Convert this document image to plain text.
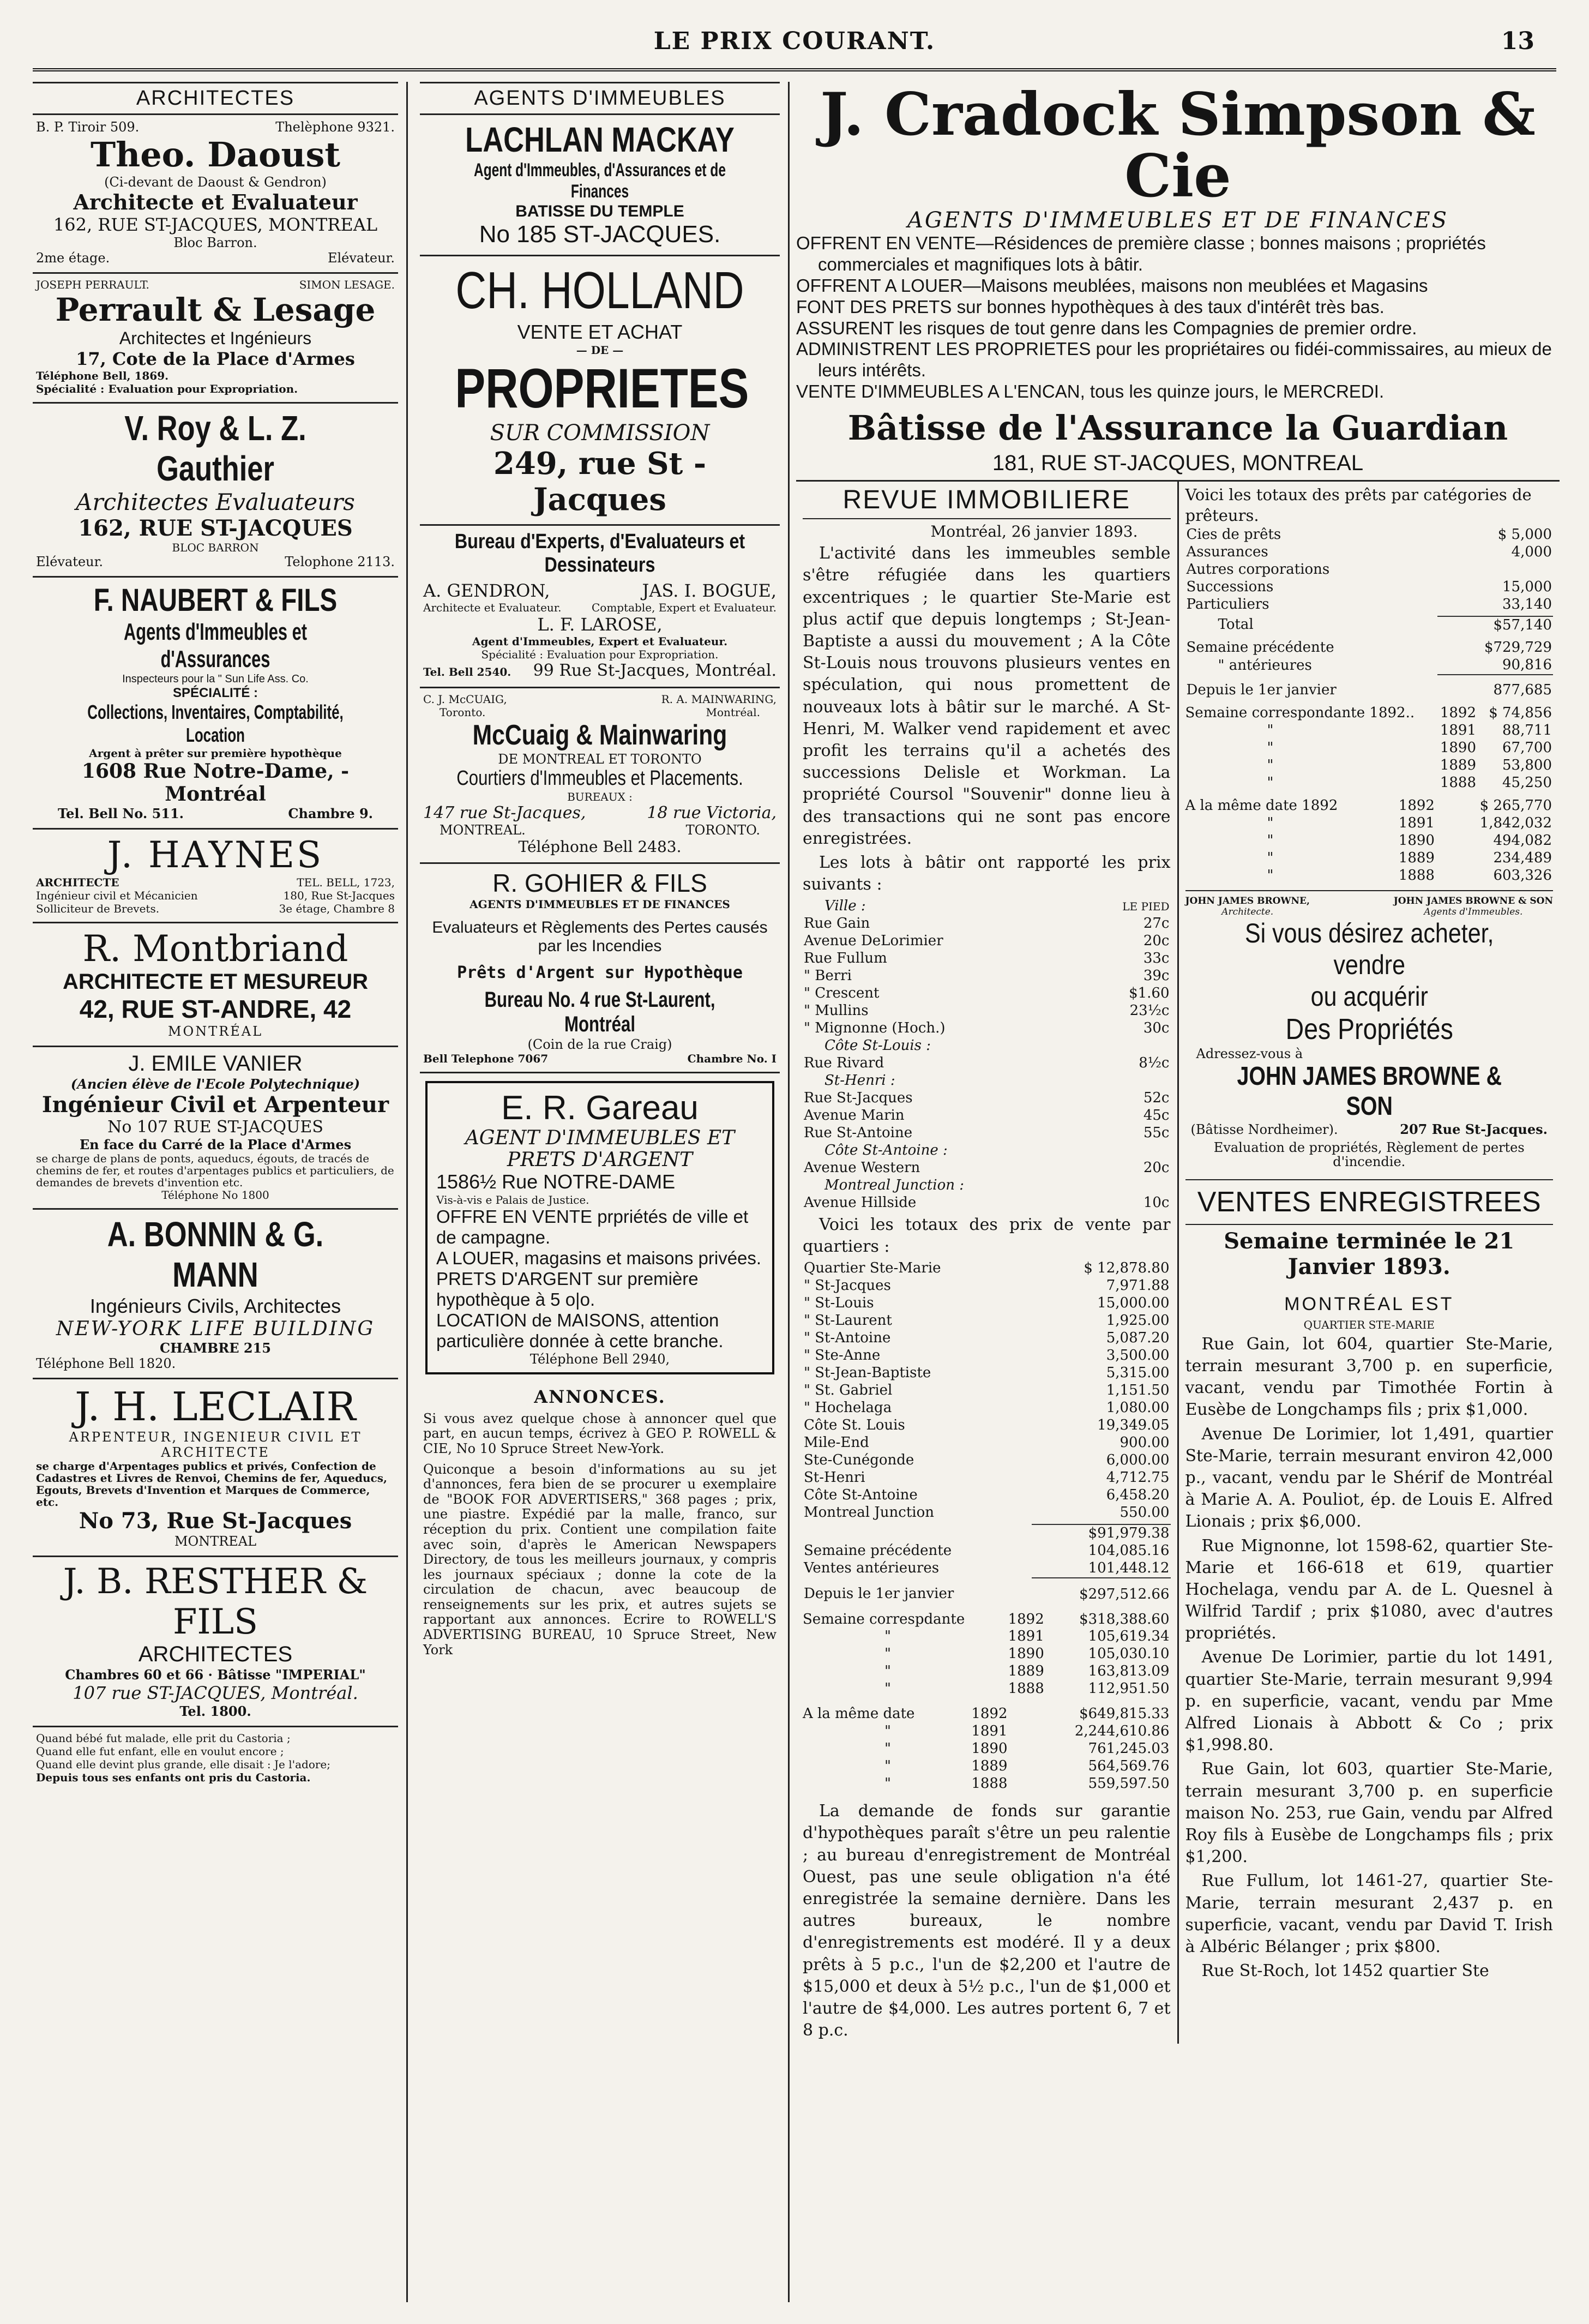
LE PRIX COURANT.	13
ARCHITECTES
B. P. Tiroir 509.	Thelèphone 9321.
Theo. Daoust
(Ci-devant de Daoust & Gendron)
Architecte et Evaluateur
162, RUE ST-JACQUES, MONTREAL
Bloc Barron.
2me étage.	Elévateur.
JOSEPH PERRAULT.	SIMON LESAGE.
Perrault & Lesage
Architectes et Ingénieurs
17, Cote de la Place d'Armes
Téléphone Bell, 1869.
Spécialité : Evaluation pour Expropriation.
V. Roy & L. Z. Gauthier
Architectes Evaluateurs
162, RUE ST-JACQUES
BLOC BARRON
Elévateur.	Telophone 2113.
F. NAUBERT & FILS
Agents d'Immeubles et d'Assurances
Inspecteurs pour la " Sun Life Ass. Co.
SPÉCIALITÉ :
Collections, Inventaires, Comptabilité, Location
Argent à prêter sur première hypothèque
1608 Rue Notre-Dame, - Montréal
Tel. Bell No. 511.	Chambre 9.
J. HAYNES
ARCHITECTE	TEL. BELL, 1723,
Ingénieur civil et Mécanicien	180, Rue St-Jacques
Solliciteur de Brevets.	3e étage, Chambre 8
R. Montbriand
ARCHITECTE ET MESUREUR
42, RUE ST-ANDRE, 42
MONTRÉAL
J. EMILE VANIER
(Ancien élève de l'Ecole Polytechnique)
Ingénieur Civil et Arpenteur
No 107 RUE ST-JACQUES
En face du Carré de la Place d'Armes
se charge de plans de ponts, aqueducs, égouts, de tracés de chemins de fer, et routes d'arpentages publics et particuliers, de demandes de brevets d'invention etc.
Téléphone No 1800
A. BONNIN & G. MANN
Ingénieurs Civils, Architectes
NEW-YORK LIFE BUILDING
CHAMBRE 215
Téléphone Bell 1820.
J. H. LECLAIR
ARPENTEUR, INGENIEUR CIVIL ET
ARCHITECTE
se charge d'Arpentages publics et privés, Confection de Cadastres et Livres de Renvoi, Chemins de fer, Aqueducs, Egouts, Brevets d'Invention et Marques de Commerce, etc.
No 73, Rue St-Jacques
MONTREAL
J. B. RESTHER & FILS
ARCHITECTES
Chambres 60 et 66 · Bâtisse "IMPERIAL"
107 rue ST-JACQUES, Montréal.
Tel. 1800.
Quand bébé fut malade, elle prit du Castoria ;
Quand elle fut enfant, elle en voulut encore ;
Quand elle devint plus grande, elle disait : Je l'adore;
Depuis tous ses enfants ont pris du Castoria.
AGENTS D'IMMEUBLES
LACHLAN MACKAY
Agent d'Immeubles, d'Assurances et de Finances
BATISSE DU TEMPLE
No 185 ST-JACQUES.
CH. HOLLAND
VENTE ET ACHAT
— DE —
PROPRIETES
SUR COMMISSION
249, rue St - Jacques
Bureau d'Experts, d'Evaluateurs et Dessinateurs
A. GENDRON,	JAS. I. BOGUE,
Architecte et Evaluateur.	Comptable, Expert et Evaluateur.
L. F. LAROSE,
Agent d'Immeubles, Expert et Evaluateur.
Spécialité : Evaluation pour Expropriation.
Tel. Bell 2540. 99 Rue St-Jacques, Montréal.
C. J. McCUAIG,	R. A. MAINWARING,
Toronto.	Montréal.
McCuaig & Mainwaring
DE MONTREAL ET TORONTO
Courtiers d'Immeubles et Placements.
BUREAUX :
147 rue St-Jacques,	18 rue Victoria,
MONTREAL.	TORONTO.
Téléphone Bell 2483.
R. GOHIER & FILS
AGENTS D'IMMEUBLES ET DE FINANCES
Evaluateurs et Règlements des Pertes causés par les Incendies
Prêts d'Argent sur Hypothèque
Bureau No. 4 rue St-Laurent, Montréal
(Coin de la rue Craig)
Bell Telephone 7067	Chambre No. I
E. R. Gareau
AGENT D'IMMEUBLES ET PRETS D'ARGENT
1586½ Rue NOTRE-DAME
Vis-à-vis e Palais de Justice.
OFFRE EN VENTE prpriétés de ville et de campagne.
A LOUER, magasins et maisons privées.
PRETS D'ARGENT sur première hypothèque à 5 o|o.
LOCATION de MAISONS, attention particulière donnée à cette branche.
Téléphone Bell 2940,
ANNONCES.
Si vous avez quelque chose à annoncer quel que part, en aucun temps, écrivez à GEO P. ROWELL & CIE, No 10 Spruce Street New-York.
Quiconque a besoin d'informations au su jet d'annonces, fera bien de se procurer u exemplaire de "BOOK FOR ADVERTISERS," 368 pages ; prix, une piastre. Expédié par la malle, franco, sur réception du prix. Contient une compilation faite avec soin, d'après le American Newspapers Directory, de tous les meilleurs journaux, y compris les journaux spéciaux ; donne la cote de la circulation de chacun, avec beaucoup de renseignements sur les prix, et autres sujets se rapportant aux annonces. Ecrire to ROWELL'S ADVERTISING BUREAU, 10 Spruce Street, New York
J. Cradock Simpson & Cie
AGENTS D'IMMEUBLES ET DE FINANCES
OFFRENT EN VENTE—Résidences de première classe ; bonnes maisons ; propriétés commerciales et magnifiques lots à bâtir.
OFFRENT A LOUER—Maisons meublées, maisons non meublées et Magasins
FONT DES PRETS sur bonnes hypothèques à des taux d'intérêt très bas.
ASSURENT les risques de tout genre dans les Compagnies de premier ordre.
ADMINISTRENT LES PROPRIETES pour les propriétaires ou fidéi-commissaires, au mieux de leurs intérêts.
VENTE D'IMMEUBLES A L'ENCAN, tous les quinze jours, le MERCREDI.
Bâtisse de l'Assurance la Guardian
181, RUE ST-JACQUES, MONTREAL
REVUE IMMOBILIERE
Montréal, 26 janvier 1893.
L'activité dans les immeubles semble s'être réfugiée dans les quartiers excentriques ; le quartier Ste-Marie est plus actif que depuis longtemps ; St-Jean-Baptiste a aussi du mouvement ; A la Côte St-Louis nous trouvons plusieurs ventes en spéculation, qui nous promettent de nouveaux lots à bâtir sur le marché. A St-Henri, M. Walker vend rapidement et avec profit les terrains qu'il a achetés des successions Delisle et Workman. La propriété Coursol "Souvenir" donne lieu à des transactions qui ne sont pas encore enregistrées.
Les lots à bâtir ont rapporté les prix suivants :
Ville :	LE PIED
Rue Gain	27c
Avenue DeLorimier	20c
Rue Fullum	33c
" Berri	39c
" Crescent	$1.60
" Mullins	23½c
" Mignonne (Hoch.)	30c
Côte St-Louis :	
Rue Rivard	8½c
St-Henri :	
Rue St-Jacques	52c
Avenue Marin	45c
Rue St-Antoine	55c
Côte St-Antoine :	
Avenue Western	20c
Montreal Junction :	
Avenue Hillside	10c
Voici les totaux des prix de vente par quartiers :
Quartier Ste-Marie	$ 12,878.80
" St-Jacques	7,971.88
" St-Louis	15,000.00
" St-Laurent	1,925.00
" St-Antoine	5,087.20
" Ste-Anne	3,500.00
" St-Jean-Baptiste	5,315.00
" St. Gabriel	1,151.50
" Hochelaga	1,080.00
Côte St. Louis	19,349.05
Mile-End	900.00
Ste-Cunégonde	6,000.00
St-Henri	4,712.75
Côte St-Antoine	6,458.20
Montreal Junction	550.00
	$91,979.38
Semaine précédente	104,085.16
Ventes antérieures	101,448.12
Depuis le 1er janvier	$297,512.66
Semaine correspdante	1892	$318,388.60
"	1891	105,619.34
"	1890	105,030.10
"	1889	163,813.09
"	1888	112,951.50
A la même date	1892	$649,815.33
"	1891	2,244,610.86
"	1890	761,245.03
"	1889	564,569.76
"	1888	559,597.50
La demande de fonds sur garantie d'hypothèques paraît s'être un peu ralentie ; au bureau d'enregistrement de Montréal Ouest, pas une seule obligation n'a été enregistrée la semaine dernière. Dans les autres bureaux, le nombre d'enregistrements est modéré. Il y a deux prêts à 5 p.c., l'un de $2,200 et l'autre de $15,000 et deux à 5½ p.c., l'un de $1,000 et l'autre de $4,000. Les autres portent 6, 7 et 8 p.c.
Voici les totaux des prêts par catégories de prêteurs.
Cies de prêts	$ 5,000
Assurances	4,000
Autres corporations	
Successions	15,000
Particuliers	33,140
Total	$57,140
Semaine précédente	$729,729
" antérieures	90,816
Depuis le 1er janvier	877,685
Semaine correspondante 1892..	1892	$ 74,856
"	1891	88,711
"	1890	67,700
"	1889	53,800
"	1888	45,250
A la même date 1892	1892	$ 265,770
"	1891	1,842,032
"	1890	494,082
"	1889	234,489
"	1888	603,326
JOHN JAMES BROWNE,
Architecte.
JOHN JAMES BROWNE & SON
Agents d'Immeubles.
Si vous désirez acheter, vendre
ou acquérir
Des Propriétés
Adressez-vous à
JOHN JAMES BROWNE & SON
(Bâtisse Nordheimer).	207 Rue St-Jacques.
Evaluation de propriétés, Règlement de pertes d'incendie.
VENTES ENREGISTREES
Semaine terminée le 21
Janvier 1893.
MONTRÉAL EST
QUARTIER STE-MARIE
Rue Gain, lot 604, quartier Ste-Marie, terrain mesurant 3,700 p. en superficie, vacant, vendu par Timothée Fortin à Eusèbe de Longchamps fils ; prix $1,000.
Avenue De Lorimier, lot 1,491, quartier Ste-Marie, terrain mesurant environ 42,000 p., vacant, vendu par le Shérif de Montréal à Marie A. A. Pouliot, ép. de Louis E. Alfred Lionais ; prix $6,000.
Rue Mignonne, lot 1598-62, quartier Ste-Marie et 166-618 et 619, quartier Hochelaga, vendu par A. de L. Quesnel à Wilfrid Tardif ; prix $1080, avec d'autres propriétés.
Avenue De Lorimier, partie du lot 1491, quartier Ste-Marie, terrain mesurant 9,994 p. en superficie, vacant, vendu par Mme Alfred Lionais à Abbott & Co ; prix $1,998.80.
Rue Gain, lot 603, quartier Ste-Marie, terrain mesurant 3,700 p. en superficie maison No. 253, rue Gain, vendu par Alfred Roy fils à Eusèbe de Longchamps fils ; prix $1,200.
Rue Fullum, lot 1461-27, quartier Ste-Marie, terrain mesurant 2,437 p. en superficie, vacant, vendu par David T. Irish à Albéric Bélanger ; prix $800.
Rue St-Roch, lot 1452 quartier Ste
